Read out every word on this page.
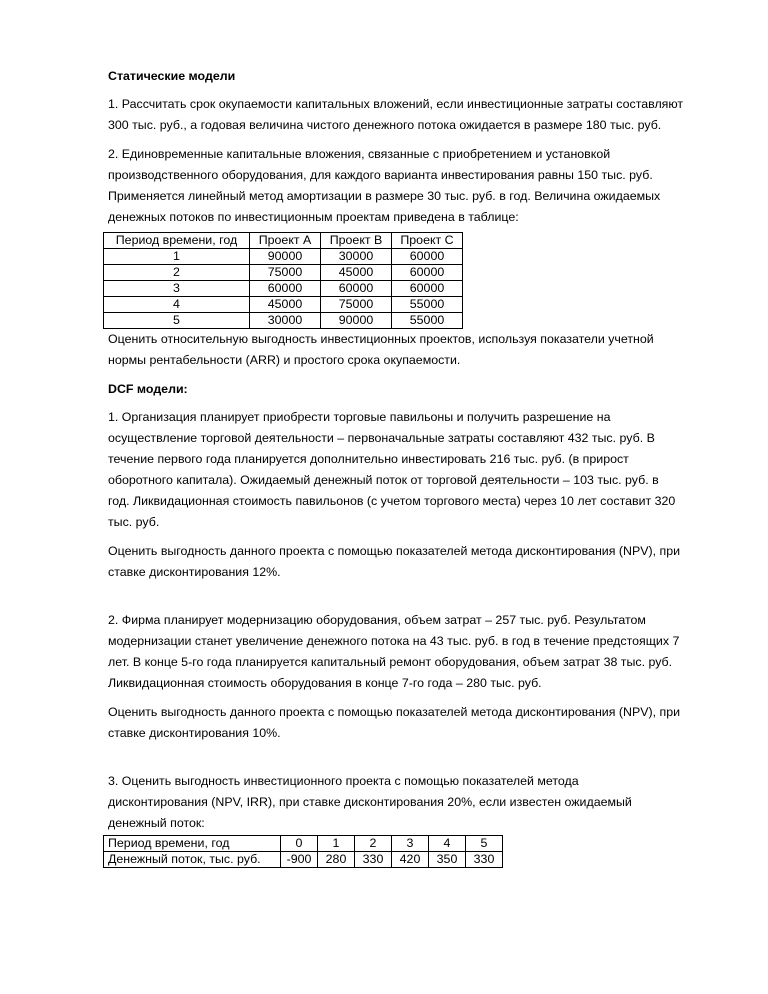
Статические модели
1. Рассчитать срок окупаемости капитальных вложений, если инвестиционные затраты составляют
300 тыс. руб., а годовая величина чистого денежного потока ожидается в размере 180 тыс. руб.
2. Единовременные капитальные вложения, связанные с приобретением и установкой
производственного оборудования, для каждого варианта инвестирования равны 150 тыс. руб.
Применяется линейный метод амортизации в размере 30 тыс. руб. в год. Величина ожидаемых
денежных потоков по инвестиционным проектам приведена в таблице:
Оценить относительную выгодность инвестиционных проектов, используя показатели учетной
нормы рентабельности (ARR) и простого срока окупаемости.
DCF модели:
1. Организация планирует приобрести торговые павильоны и получить разрешение на
осуществление торговой деятельности – первоначальные затраты составляют 432 тыс. руб. В
течение первого года планируется дополнительно инвестировать 216 тыс. руб. (в прирост
оборотного капитала). Ожидаемый денежный поток от торговой деятельности – 103 тыс. руб. в
год. Ликвидационная стоимость павильонов (с учетом торгового места) через 10 лет составит 320
тыс. руб.
Оценить выгодность данного проекта с помощью показателей метода дисконтирования (NPV), при
ставке дисконтирования 12%.
2. Фирма планирует модернизацию оборудования, объем затрат – 257 тыс. руб. Результатом
модернизации станет увеличение денежного потока на 43 тыс. руб. в год в течение предстоящих 7
лет. В конце 5-го года планируется капитальный ремонт оборудования, объем затрат 38 тыс. руб.
Ликвидационная стоимость оборудования в конце 7-го года – 280 тыс. руб.
Оценить выгодность данного проекта с помощью показателей метода дисконтирования (NPV), при
ставке дисконтирования 10%.
3. Оценить выгодность инвестиционного проекта с помощью показателей метода
дисконтирования (NPV, IRR), при ставке дисконтирования 20%, если известен ожидаемый
денежный поток:
Период времени, год	Проект А	Проект В	Проект С
1	90000	30000	60000
2	75000	45000	60000
3	60000	60000	60000
4	45000	75000	55000
5	30000	90000	55000
Период времени, год	0	1	2	3	4	5
Денежный поток, тыс. руб.	-900	280	330	420	350	330
